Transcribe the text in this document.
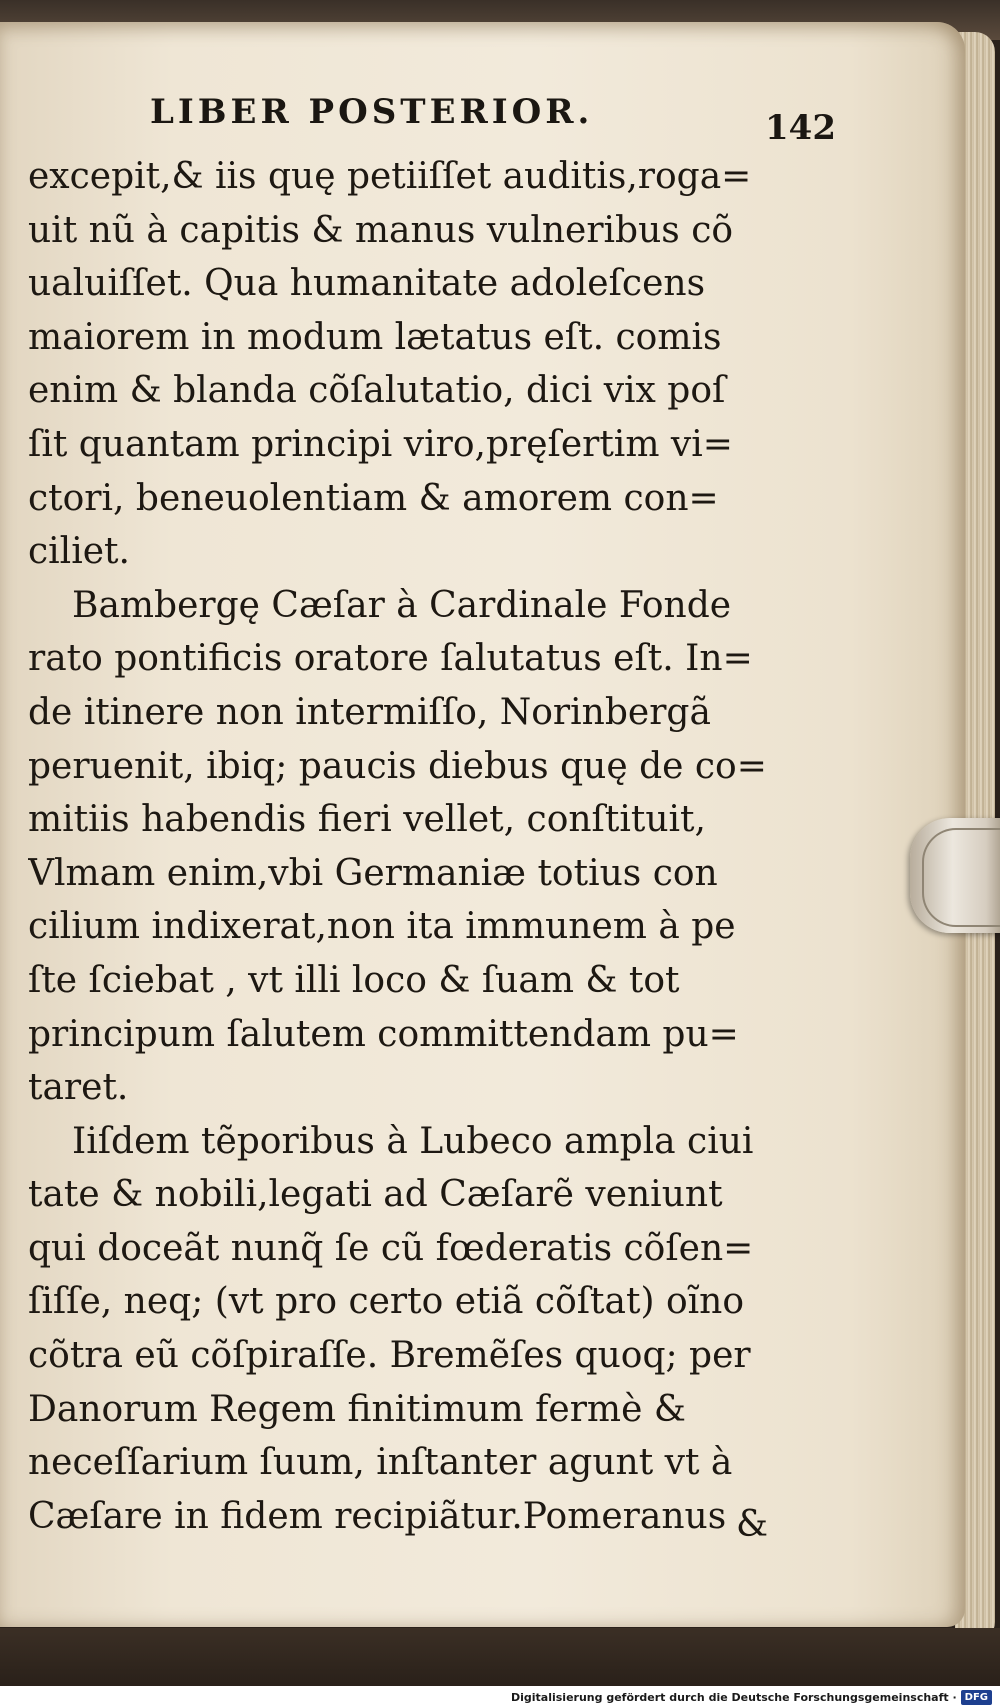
LIBER POSTERIOR.	142
excepit,& iis quę petiiſſet auditis,roga=
uit nũ à capitis & manus vulneribus cõ
ualuiſſet. Qua humanitate adoleſcens
maiorem in modum lætatus eſt. comis
enim & blanda cõſalutatio, dici vix poſ
ſit quantam principi viro,pręſertim vi=
ctori, beneuolentiam & amorem con=
ciliet.
Bambergę Cæſar à Cardinale Fonde
rato pontificis oratore ſalutatus eſt. In=
de itinere non intermiſſo, Norinbergã
peruenit, ibiq; paucis diebus quę de co=
mitiis habendis fieri vellet, conſtituit,
Vlmam enim,vbi Germaniæ totius con
cilium indixerat,non ita immunem à pe
ſte ſciebat , vt illi loco & ſuam & tot
principum ſalutem committendam pu=
taret.
Iiſdem tẽporibus à Lubeco ampla ciui
tate & nobili,legati ad Cæſarẽ veniunt
qui doceãt nunq̃ ſe cũ fœderatis cõſen=
ſiſſe, neq; (vt pro certo etiã cõſtat) oĩno
cõtra eũ cõſpiraſſe. Bremẽſes quoq; per
Danorum Regem finitimum fermè &
neceſſarium ſuum, inſtanter agunt vt à
Cæſare in fidem recipiãtur.Pomeranus &
Digitalisierung gefördert durch die Deutsche Forschungsgemeinschaft · DFG
